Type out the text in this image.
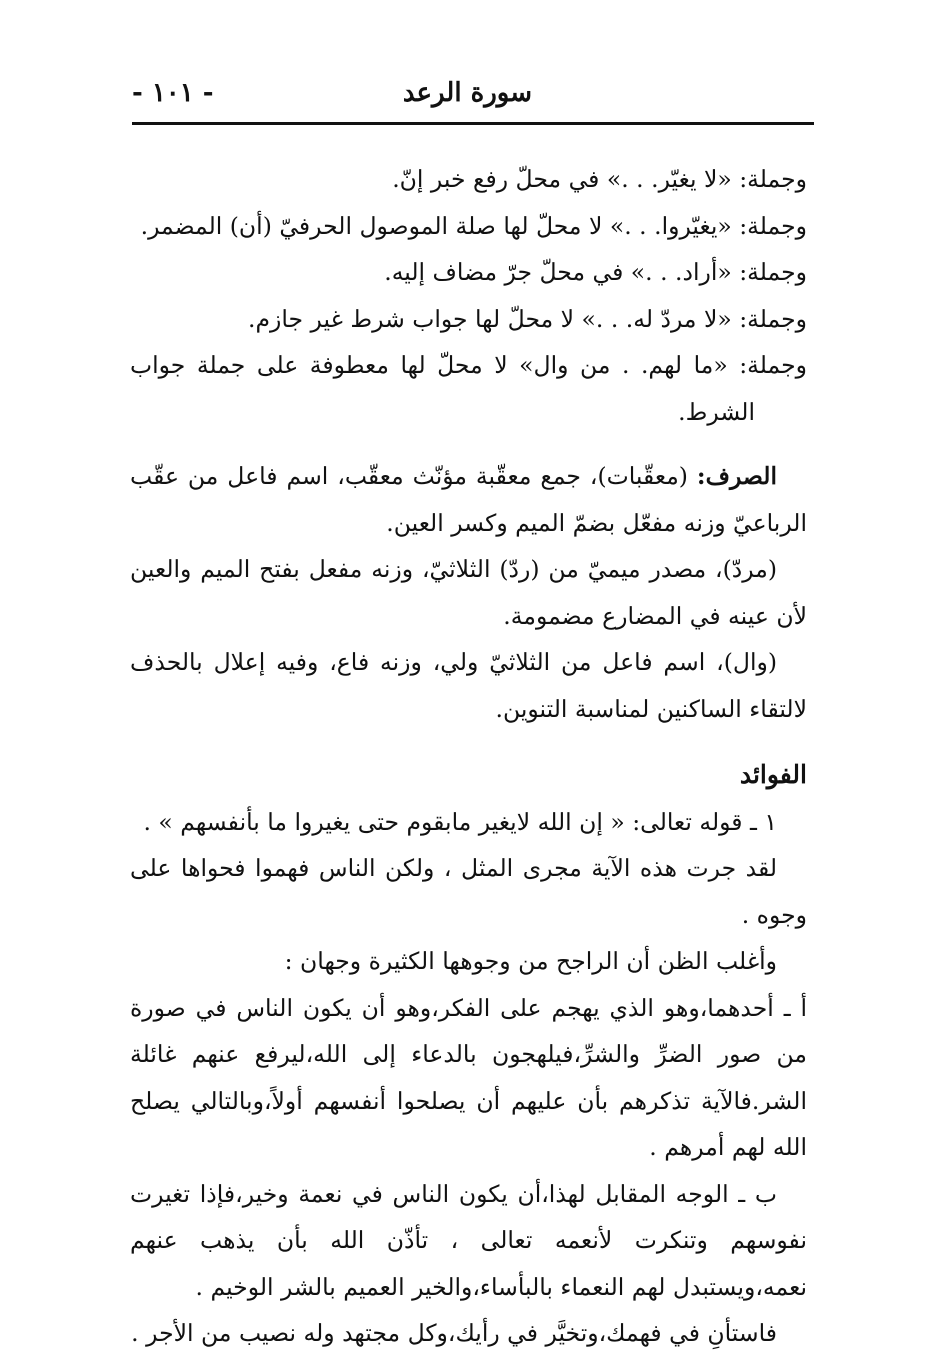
سورة الرعد
- ١٠١ -

وجملة: «لا يغيّر. . .» في محلّ رفع خبر إنّ.

وجملة: «يغيّروا. . .» لا محلّ لها صلة الموصول الحرفيّ (أن) المضمر.

وجملة: «أراد. . .» في محلّ جرّ مضاف إليه.

وجملة: «لا مردّ له. . .» لا محلّ لها جواب شرط غير جازم.

وجملة: «ما لهم. . من وال» لا محلّ لها معطوفة على جملة جواب الشرط.

الصرف: (معقّبات)، جمع معقّبة مؤنّث معقّب، اسم فاعل من عقّب الرباعيّ وزنه مفعّل بضمّ الميم وكسر العين.

(مردّ)، مصدر ميميّ من (ردّ) الثلاثيّ، وزنه مفعل بفتح الميم والعين لأن عينه في المضارع مضمومة.

(وال)، اسم فاعل من الثلاثيّ ولي، وزنه فاع، وفيه إعلال بالحذف لالتقاء الساكنين لمناسبة التنوين.

الفوائد

١ ـ قوله تعالى: « إن الله لايغير مابقوم حتى يغيروا ما بأنفسهم » .

لقد جرت هذه الآية مجرى المثل ، ولكن الناس فهموا فحواها على وجوه .

وأغلب الظن أن الراجح من وجوهها الكثيرة وجهان :

أ ـ أحدهما،وهو الذي يهجم على الفكر،وهو أن يكون الناس في صورة من صور الضرِّ والشرِّ،فيلهجون بالدعاء إلى الله،ليرفع عنهم غائلة الشر.فالآية تذكرهم بأن عليهم أن يصلحوا أنفسهم أولاً،وبالتالي يصلح الله لهم أمرهم .

ب ـ الوجه المقابل لهذا،أن يكون الناس في نعمة وخير،فإذا تغيرت نفوسهم وتنكرت لأنعمه تعالى ، تأذّن الله بأن يذهب عنهم نعمه،ويستبدل لهم النعماء بالبأساء،والخير العميم بالشر الوخيم .

فاستأنِ في فهمك،وتخيَّر في رأيك،وكل مجتهد وله نصيب من الأجر .
